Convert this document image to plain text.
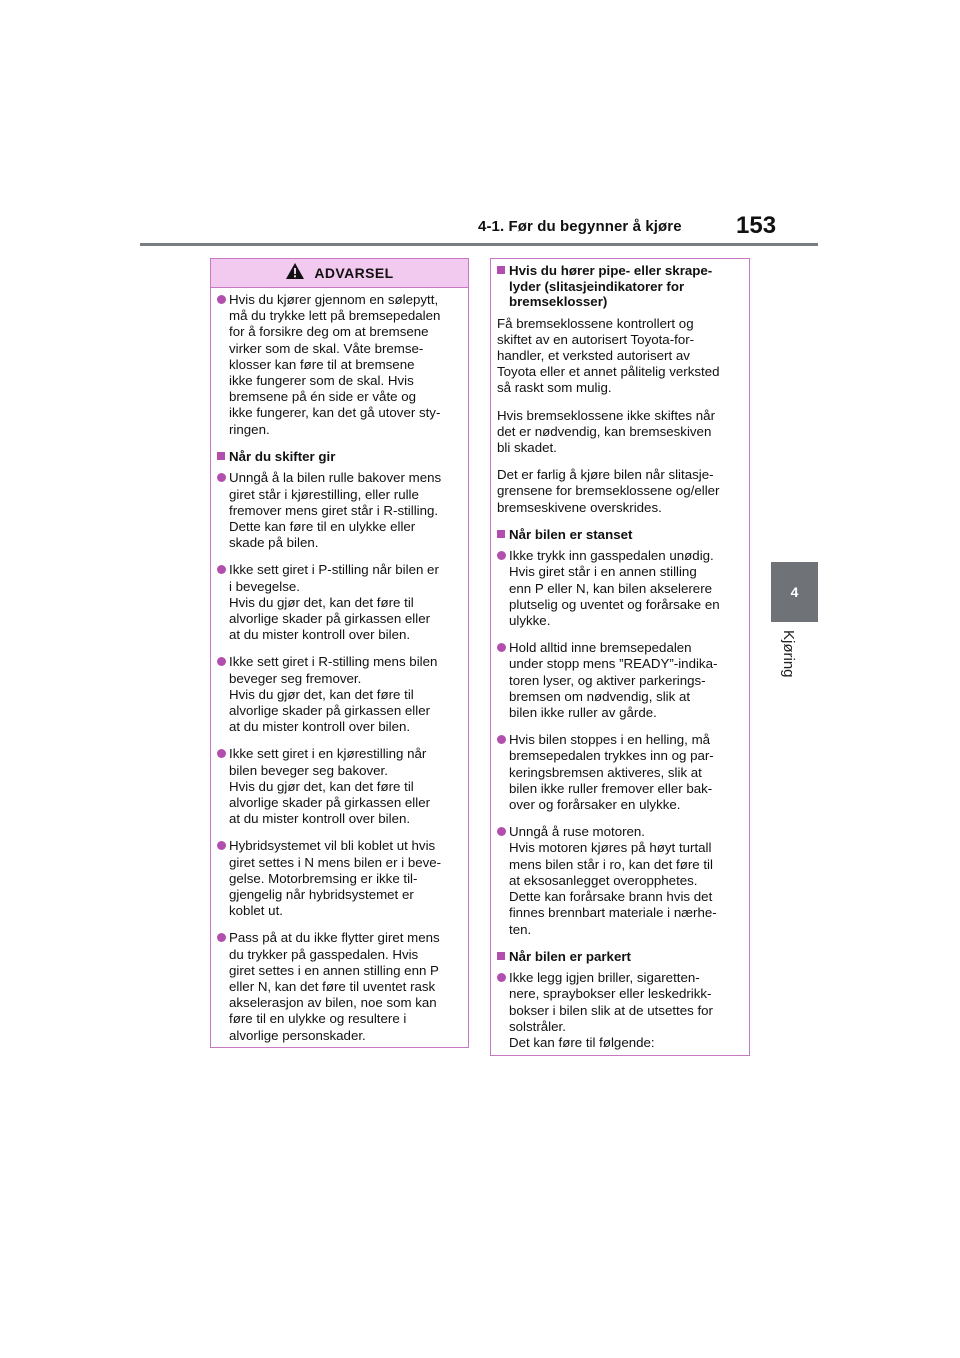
4-1. Før du begynner å kjøre 153
4
Kjøring
ADVARSEL
Hvis du kjører gjennom en sølepytt,
må du trykke lett på bremsepedalen
for å forsikre deg om at bremsene
virker som de skal. Våte bremse-
klosser kan føre til at bremsene
ikke fungerer som de skal. Hvis
bremsene på én side er våte og
ikke fungerer, kan det gå utover sty-
ringen.
Når du skifter gir
Unngå å la bilen rulle bakover mens
giret står i kjørestilling, eller rulle
fremover mens giret står i R-stilling.
Dette kan føre til en ulykke eller
skade på bilen.
Ikke sett giret i P-stilling når bilen er
i bevegelse.
Hvis du gjør det, kan det føre til
alvorlige skader på girkassen eller
at du mister kontroll over bilen.
Ikke sett giret i R-stilling mens bilen
beveger seg fremover.
Hvis du gjør det, kan det føre til
alvorlige skader på girkassen eller
at du mister kontroll over bilen.
Ikke sett giret i en kjørestilling når
bilen beveger seg bakover.
Hvis du gjør det, kan det føre til
alvorlige skader på girkassen eller
at du mister kontroll over bilen.
Hybridsystemet vil bli koblet ut hvis
giret settes i N mens bilen er i beve-
gelse. Motorbremsing er ikke til-
gjengelig når hybridsystemet er
koblet ut.
Pass på at du ikke flytter giret mens
du trykker på gasspedalen. Hvis
giret settes i en annen stilling enn P
eller N, kan det føre til uventet rask
akselerasjon av bilen, noe som kan
føre til en ulykke og resultere i
alvorlige personskader.
Hvis du hører pipe- eller skrape-
lyder (slitasjeindikatorer for
bremseklosser)
Få bremseklossene kontrollert og
skiftet av en autorisert Toyota-for-
handler, et verksted autorisert av
Toyota eller et annet pålitelig verksted
så raskt som mulig.
Hvis bremseklossene ikke skiftes når
det er nødvendig, kan bremseskiven
bli skadet.
Det er farlig å kjøre bilen når slitasje-
grensene for bremseklossene og/eller
bremseskivene overskrides.
Når bilen er stanset
Ikke trykk inn gasspedalen unødig.
Hvis giret står i en annen stilling
enn P eller N, kan bilen akselerere
plutselig og uventet og forårsake en
ulykke.
Hold alltid inne bremsepedalen
under stopp mens ”READY”-indika-
toren lyser, og aktiver parkerings-
bremsen om nødvendig, slik at
bilen ikke ruller av gårde.
Hvis bilen stoppes i en helling, må
bremsepedalen trykkes inn og par-
keringsbremsen aktiveres, slik at
bilen ikke ruller fremover eller bak-
over og forårsaker en ulykke.
Unngå å ruse motoren.
Hvis motoren kjøres på høyt turtall
mens bilen står i ro, kan det føre til
at eksosanlegget overopphetes.
Dette kan forårsake brann hvis det
finnes brennbart materiale i nærhe-
ten.
Når bilen er parkert
Ikke legg igjen briller, sigaretten-
nere, spraybokser eller leskedrikk-
bokser i bilen slik at de utsettes for
solstråler.
Det kan føre til følgende:
